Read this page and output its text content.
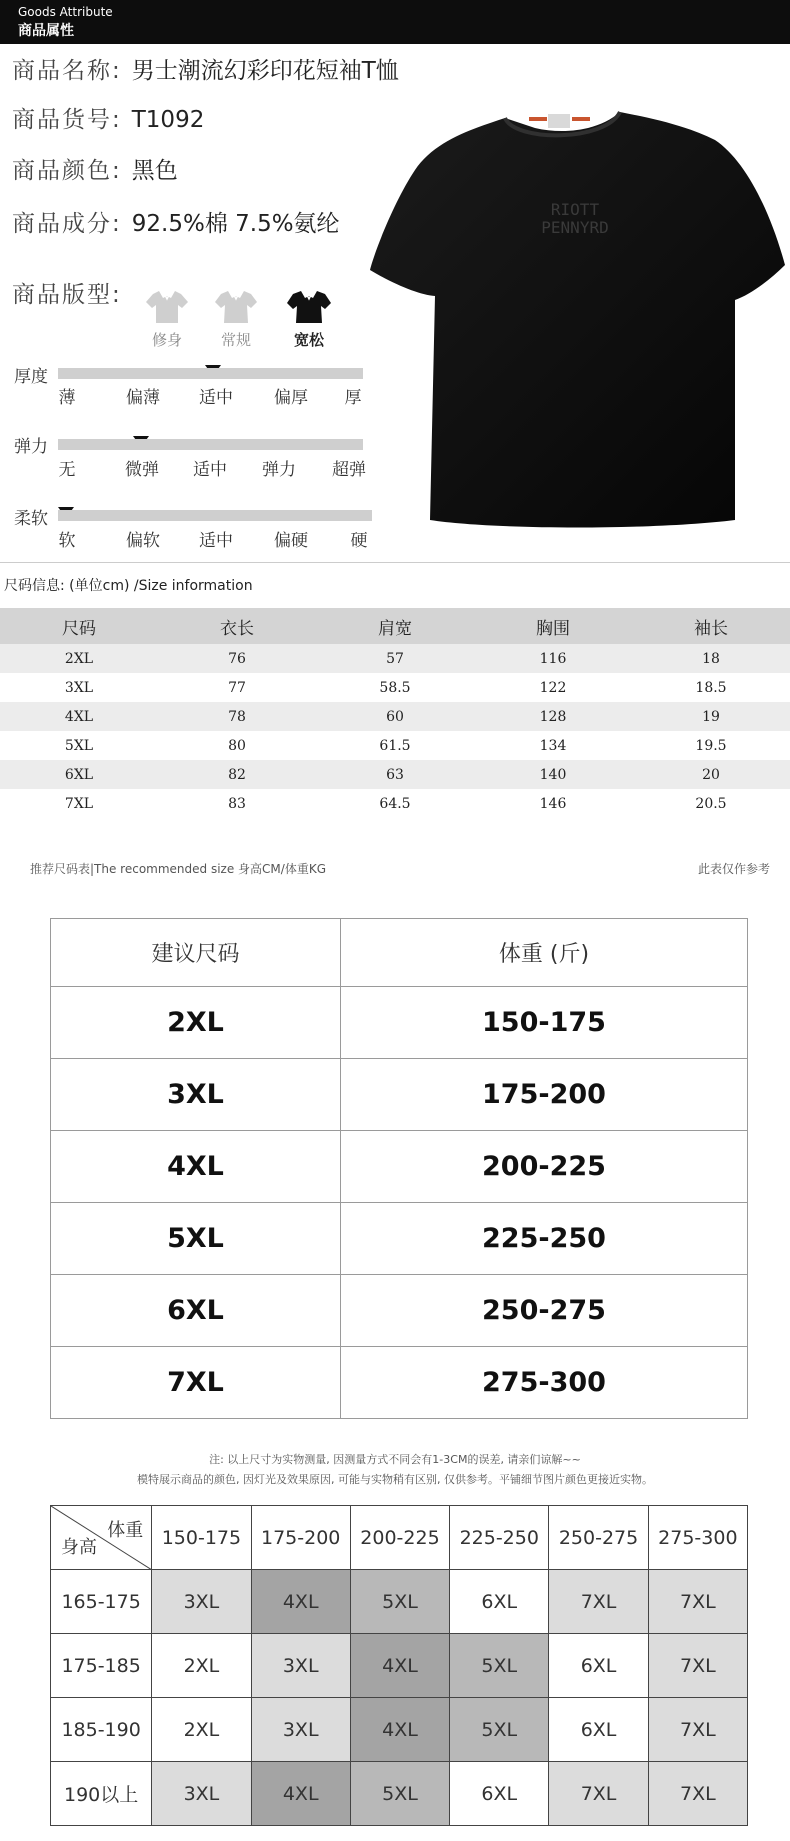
Goods Attribute
商品属性
商品名称: 男士潮流幻彩印花短袖T恤
商品货号: T1092
商品颜色: 黑色
商品成分: 92.5%棉 7.5%氨纶
商品版型:
修身	常规	宽松
厚度
薄	偏薄	适中	偏厚	厚
弹力
无	微弹	适中	弹力	超弹
柔软
软	偏软	适中	偏硬	硬
RIOTT
PENNYRD
尺码信息: (单位cm) /Size information
尺码	衣长	肩宽	胸围	袖长
2XL	76	57	116	18
3XL	77	58.5	122	18.5
4XL	78	60	128	19
5XL	80	61.5	134	19.5
6XL	82	63	140	20
7XL	83	64.5	146	20.5
推荐尺码表|The recommended size 身高CM/体重KG	此表仅作参考
建议尺码	体重 (斤)
2XL	150-175
3XL	175-200
4XL	200-225
5XL	225-250
6XL	250-275
7XL	275-300
注: 以上尺寸为实物测量, 因测量方式不同会有1-3CM的误差, 请亲们谅解~~
模特展示商品的颜色, 因灯光及效果原因, 可能与实物稍有区别, 仅供参考。平铺细节图片颜色更接近实物。
体重
身高	150-175	175-200	200-225	225-250	250-275	275-300
165-175	3XL	4XL	5XL	6XL	7XL	7XL
175-185	2XL	3XL	4XL	5XL	6XL	7XL
185-190	2XL	3XL	4XL	5XL	6XL	7XL
190以上	3XL	4XL	5XL	6XL	7XL	7XL
